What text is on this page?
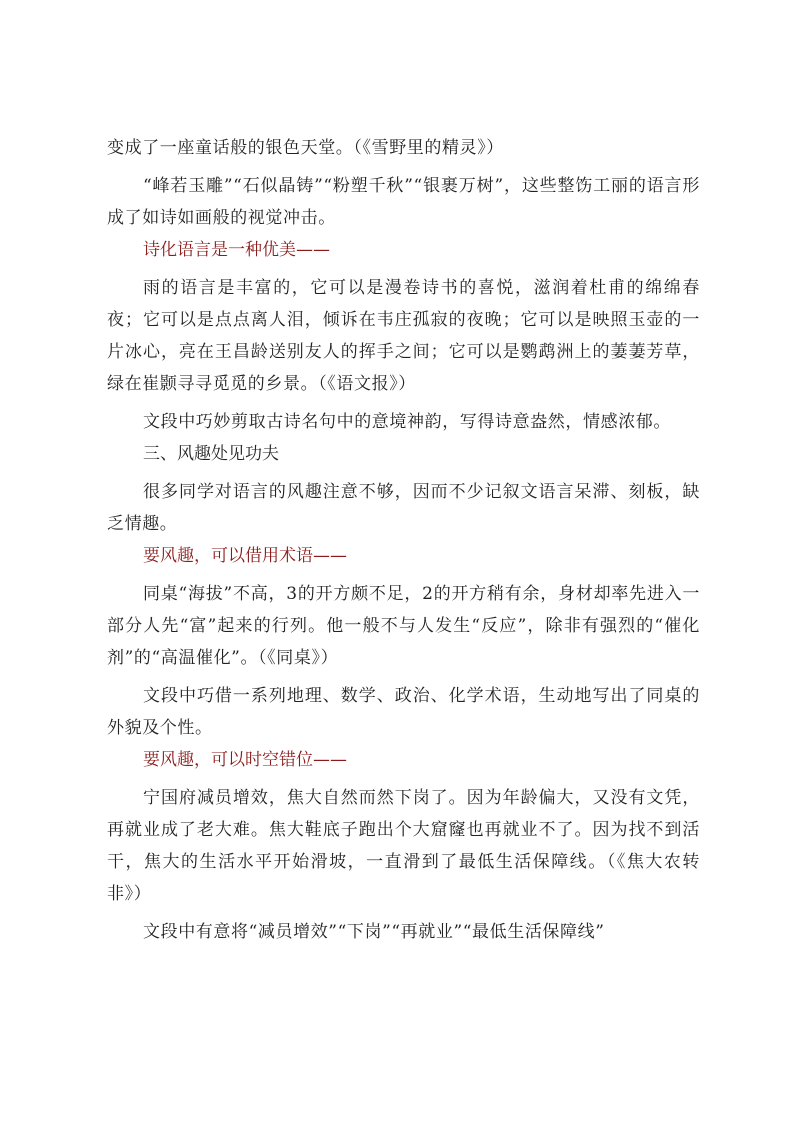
变成了一座童话般的银色天堂。（《雪野里的精灵》）

“峰若玉雕”“石似晶铸”“粉塑千秋”“银裹万树”，这些整饬工丽的语言形成了如诗如画般的视觉冲击。

诗化语言是一种优美——

雨的语言是丰富的，它可以是漫卷诗书的喜悦，滋润着杜甫的绵绵春夜；它可以是点点离人泪，倾诉在韦庄孤寂的夜晚；它可以是映照玉壶的一片冰心，亮在王昌龄送别友人的挥手之间；它可以是鹦鹉洲上的萋萋芳草，绿在崔颢寻寻觅觅的乡景。（《语文报》）

文段中巧妙剪取古诗名句中的意境神韵，写得诗意盎然，情感浓郁。

三、风趣处见功夫

很多同学对语言的风趣注意不够，因而不少记叙文语言呆滞、刻板，缺乏情趣。

要风趣，可以借用术语——

同桌“海拔”不高，3的开方颇不足，2的开方稍有余，身材却率先进入一部分人先“富”起来的行列。他一般不与人发生“反应”，除非有强烈的“催化剂”的“高温催化”。（《同桌》）

文段中巧借一系列地理、数学、政治、化学术语，生动地写出了同桌的外貌及个性。

要风趣，可以时空错位——

宁国府减员增效，焦大自然而然下岗了。因为年龄偏大，又没有文凭，再就业成了老大难。焦大鞋底子跑出个大窟窿也再就业不了。因为找不到活干，焦大的生活水平开始滑坡，一直滑到了最低生活保障线。（《焦大农转非》）

文段中有意将“减员增效”“下岗”“再就业”“最低生活保障线”
